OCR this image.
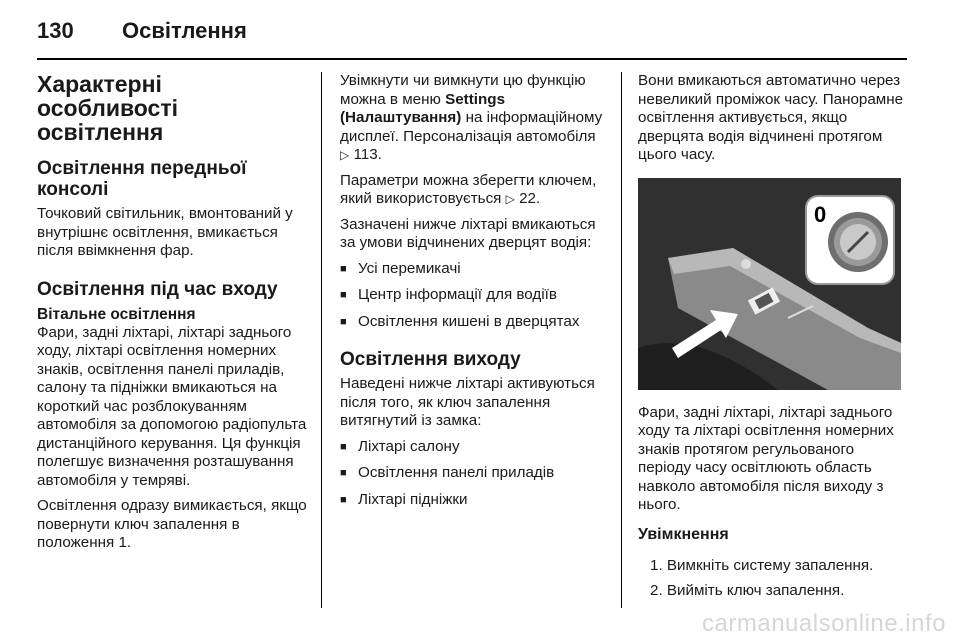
130 Освітлення
Характерні особливості освітлення
Освітлення передньої консолі

Точковий світильник, вмонтований у внутрішнє освітлення, вмикається після ввімкнення фар.

Освітлення під час входу
Вітальне освітлення

Фари, задні ліхтарі, ліхтарі заднього ходу, ліхтарі освітлення номерних знаків, освітлення панелі приладів, салону та підніжки вмикаються на короткий час розблокуванням автомобіля за допомогою радіопульта дистанційного керування. Ця функція полегшує визначення розташування автомобіля у темряві.

Освітлення одразу вимикається, якщо повернути ключ запалення в положення 1.

Увімкнути чи вимкнути цю функцію можна в меню Settings (Налаштування) на інформаційному дисплеї. Персоналізація автомобіля ▷ 113.

Параметри можна зберегти ключем, який використовується ▷ 22.

Зазначені нижче ліхтарі вмикаються за умови відчинених дверцят водія:

■ Усі перемикачі
■ Центр інформації для водіїв
■ Освітлення кишені в дверцятах
Освітлення виходу

Наведені нижче ліхтарі активуються після того, як ключ запалення витягнутий із замка:

■ Ліхтарі салону
■ Освітлення панелі приладів
■ Ліхтарі підніжки

Вони вмикаються автоматично через невеликий проміжок часу. Панорамне освітлення активується, якщо дверцята водія відчинені протягом цього часу.

0

Фари, задні ліхтарі, ліхтарі заднього ходу та ліхтарі освітлення номерних знаків протягом регульованого періоду часу освітлюють область навколо автомобіля після виходу з нього.

Увімкнення

1. Вимкніть систему запалення.

2. Вийміть ключ запалення.

carmanualsonline.info
